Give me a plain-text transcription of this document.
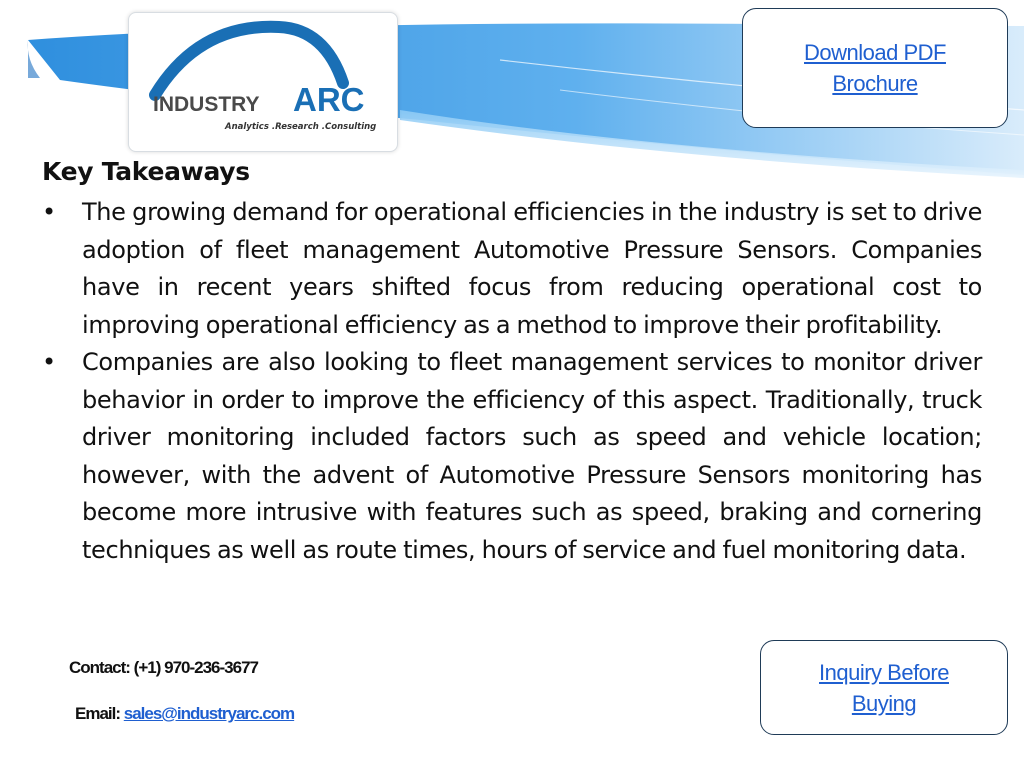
INDUSTRY ARC
Analytics .Research .Consulting
Download PDF
Brochure
Key Takeaways
• The growing demand for operational efficiencies in the industry is set to drive adoption of fleet management Automotive Pressure Sensors. Companies have in recent years shifted focus from reducing operational cost to improving operational efficiency as a method to improve their profitability.
• Companies are also looking to fleet management services to monitor driver behavior in order to improve the efficiency of this aspect. Traditionally, truck driver monitoring included factors such as speed and vehicle location; however, with the advent of Automotive Pressure Sensors monitoring has become more intrusive with features such as speed, braking and cornering techniques as well as route times, hours of service and fuel monitoring data.
Contact: (+1) 970-236-3677
Email: sales@industryarc.com
Inquiry Before
Buying
